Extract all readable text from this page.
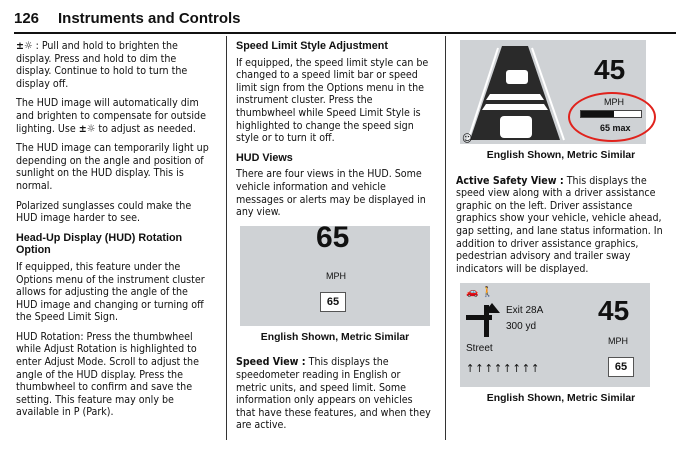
126 Instruments and Controls

±☼ : Pull and hold to brighten the display. Press and hold to dim the display. Continue to hold to turn the display off.

The HUD image will automatically dim and brighten to compensate for outside lighting. Use ±☼ to adjust as needed.

The HUD image can temporarily light up depending on the angle and position of sunlight on the HUD display. This is normal.

Polarized sunglasses could make the HUD image harder to see.

Head-Up Display (HUD) Rotation Option

If equipped, this feature under the Options menu of the instrument cluster allows for adjusting the angle of the HUD image and changing or turning off the Speed Limit Sign.

HUD Rotation: Press the thumbwheel while Adjust Rotation is highlighted to enter Adjust Mode. Scroll to adjust the angle of the HUD display. Press the thumbwheel to confirm and save the setting. This feature may only be available in P (Park).

Speed Limit Style Adjustment

If equipped, the speed limit style can be changed to a speed limit bar or speed limit sign from the Options menu in the instrument cluster. Press the thumbwheel while Speed Limit Style is highlighted to change the speed sign style or to turn it off.

HUD Views

There are four views in the HUD. Some vehicle information and vehicle messages or alerts may be displayed in any view.

65
MPH
65
English Shown, Metric Similar

Speed View : This displays the speedometer reading in English or metric units, and speed limit. Some information only appears on vehicles that have these features, and when they are active.

☺
45
MPH
65 max
English Shown, Metric Similar

Active Safety View : This displays the speed view along with a driver assistance graphic on the left. Driver assistance graphics show your vehicle, vehicle ahead, gap setting, and lane status information. In addition to driver assistance graphics, pedestrian advisory and trailer sway indicators will be displayed.

🚗 🚶
Exit 28A
300 yd
Street
45
MPH
↑↑↑↑↑↑↑↑	65
English Shown, Metric Similar
